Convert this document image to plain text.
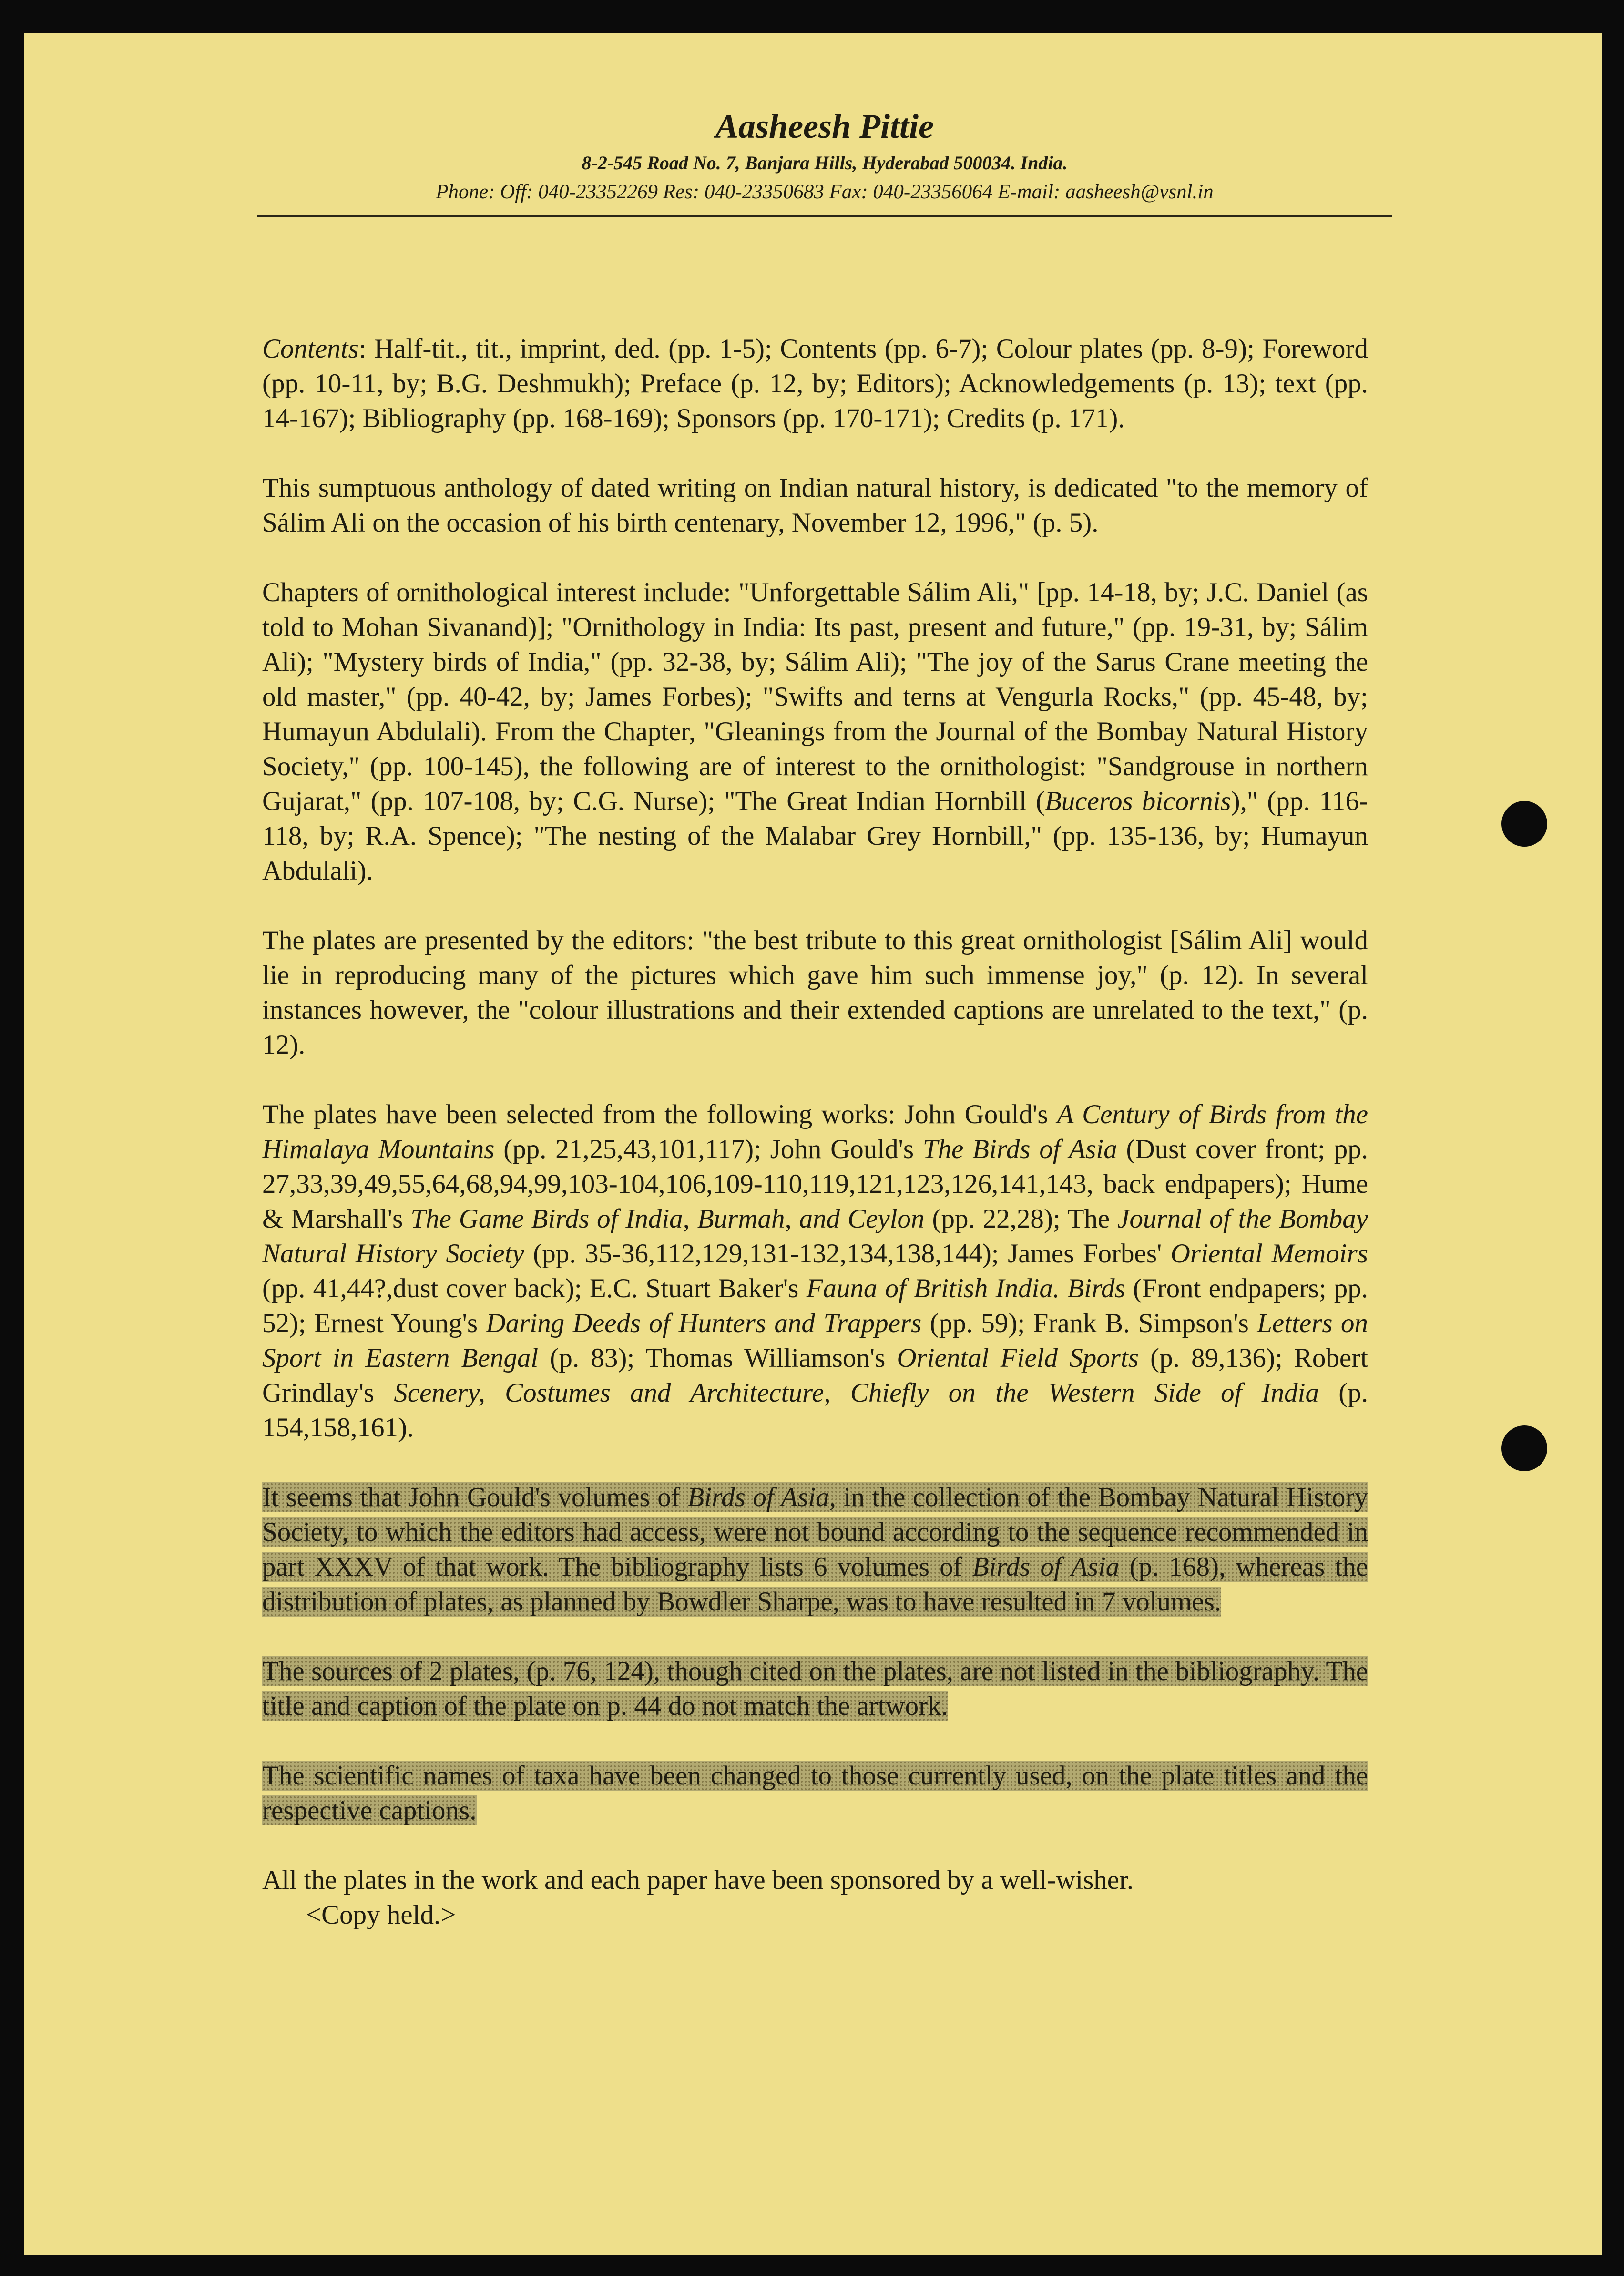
Aasheesh Pittie
8-2-545 Road No. 7, Banjara Hills, Hyderabad 500034. India.
Phone: Off: 040-23352269 Res: 040-23350683 Fax: 040-23356064 E-mail: aasheesh@vsnl.in

Contents: Half-tit., tit., imprint, ded. (pp. 1-5); Contents (pp. 6-7); Colour plates (pp. 8-9); Foreword (pp. 10-11, by; B.G. Deshmukh); Preface (p. 12, by; Editors); Acknowledgements (p. 13); text (pp. 14-167); Bibliography (pp. 168-169); Sponsors (pp. 170-171); Credits (p. 171).

This sumptuous anthology of dated writing on Indian natural history, is dedicated "to the memory of Sálim Ali on the occasion of his birth centenary, November 12, 1996," (p. 5).

Chapters of ornithological interest include: "Unforgettable Sálim Ali," [pp. 14-18, by; J.C. Daniel (as told to Mohan Sivanand)]; "Ornithology in India: Its past, present and future," (pp. 19-31, by; Sálim Ali); "Mystery birds of India," (pp. 32-38, by; Sálim Ali); "The joy of the Sarus Crane meeting the old master," (pp. 40-42, by; James Forbes); "Swifts and terns at Vengurla Rocks," (pp. 45-48, by; Humayun Abdulali). From the Chapter, "Gleanings from the Journal of the Bombay Natural History Society," (pp. 100-145), the following are of interest to the ornithologist: "Sandgrouse in northern Gujarat," (pp. 107-108, by; C.G. Nurse); "The Great Indian Hornbill (Buceros bicornis)," (pp. 116-118, by; R.A. Spence); "The nesting of the Malabar Grey Hornbill," (pp. 135-136, by; Humayun Abdulali).

The plates are presented by the editors: "the best tribute to this great ornithologist [Sálim Ali] would lie in reproducing many of the pictures which gave him such immense joy," (p. 12). In several instances however, the "colour illustrations and their extended captions are unrelated to the text," (p. 12).

The plates have been selected from the following works: John Gould's A Century of Birds from the Himalaya Mountains (pp. 21,25,43,101,117); John Gould's The Birds of Asia (Dust cover front; pp. 27,33,39,49,55,64,68,94,99,103-104,106,109-110,119,121,123,126,141,143, back endpapers); Hume & Marshall's The Game Birds of India, Burmah, and Ceylon (pp. 22,28); The Journal of the Bombay Natural History Society (pp. 35-36,112,129,131-132,134,138,144); James Forbes' Oriental Memoirs (pp. 41,44?,dust cover back); E.C. Stuart Baker's Fauna of British India. Birds (Front endpapers; pp. 52); Ernest Young's Daring Deeds of Hunters and Trappers (pp. 59); Frank B. Simpson's Letters on Sport in Eastern Bengal (p. 83); Thomas Williamson's Oriental Field Sports (p. 89,136); Robert Grindlay's Scenery, Costumes and Architecture, Chiefly on the Western Side of India (p. 154,158,161).

It seems that John Gould's volumes of Birds of Asia, in the collection of the Bombay Natural History Society, to which the editors had access, were not bound according to the sequence recommended in part XXXV of that work. The bibliography lists 6 volumes of Birds of Asia (p. 168), whereas the distribution of plates, as planned by Bowdler Sharpe, was to have resulted in 7 volumes.

The sources of 2 plates, (p. 76, 124), though cited on the plates, are not listed in the bibliography. The title and caption of the plate on p. 44 do not match the artwork.

The scientific names of taxa have been changed to those currently used, on the plate titles and the respective captions.

All the plates in the work and each paper have been sponsored by a well-wisher.
<Copy held.>
